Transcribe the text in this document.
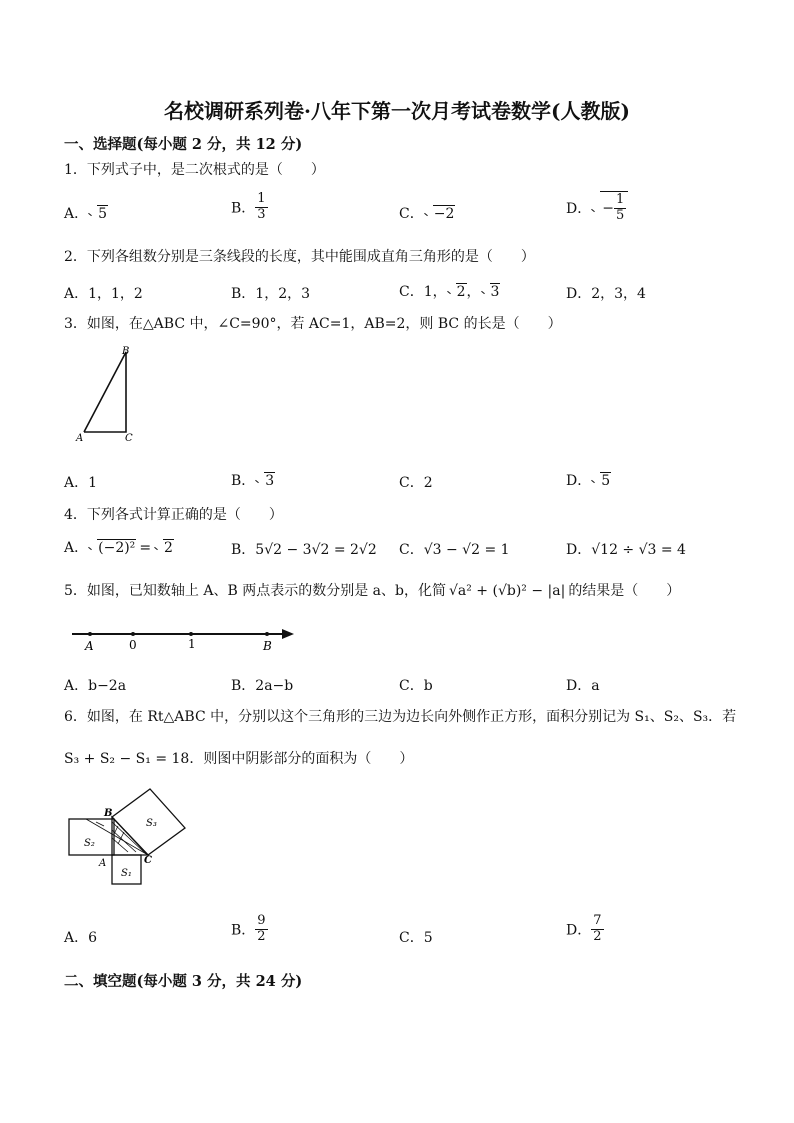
名校调研系列卷·八年下第一次月考试卷数学(人教版)
一、选择题(每小题 2 分，共 12 分)
1．下列式子中，是二次根式的是（　　）
A． 5	B． $\frac{1}{3}$	C． −2	D． − $\frac{1}{5}$
2．下列各组数分别是三条线段的长度，其中能围成直角三角形的是（　　）
A．1，1，2	B．1，2，3	C．1， 2， 3	D．2，3，4
3．如图，在△ABC 中，∠C=90°，若 AC=1，AB=2，则 BC 的长是（　　）
B
A	C
A．1	B． 3	C．2	D． 5
4．下列各式计算正确的是（　　）
A． (−2)² = 2	B．5√2 − 3√2 = 2√2 C．√3 − √2 = 1	D．√12 ÷ √3 = 4
5．如图，已知数轴上 A、B 两点表示的数分别是 a、b，化简 √a² + (√b)² − |a| 的结果是（　　）
A	0	1	B
A．b−2a	B．2a−b	C．b	D．a
6．如图，在 Rt△ABC 中，分别以这个三角形的三边为边长向外侧作正方形，面积分别记为 S₁、S₂、S₃．若
S₃ + S₂ − S₁ = 18．则图中阴影部分的面积为（　　）
B
A	C
S₁
S₂
S₃
A．6	B． $\frac{9}{2}$	C．5	D． $\frac{7}{2}$
二、填空题(每小题 3 分，共 24 分)
